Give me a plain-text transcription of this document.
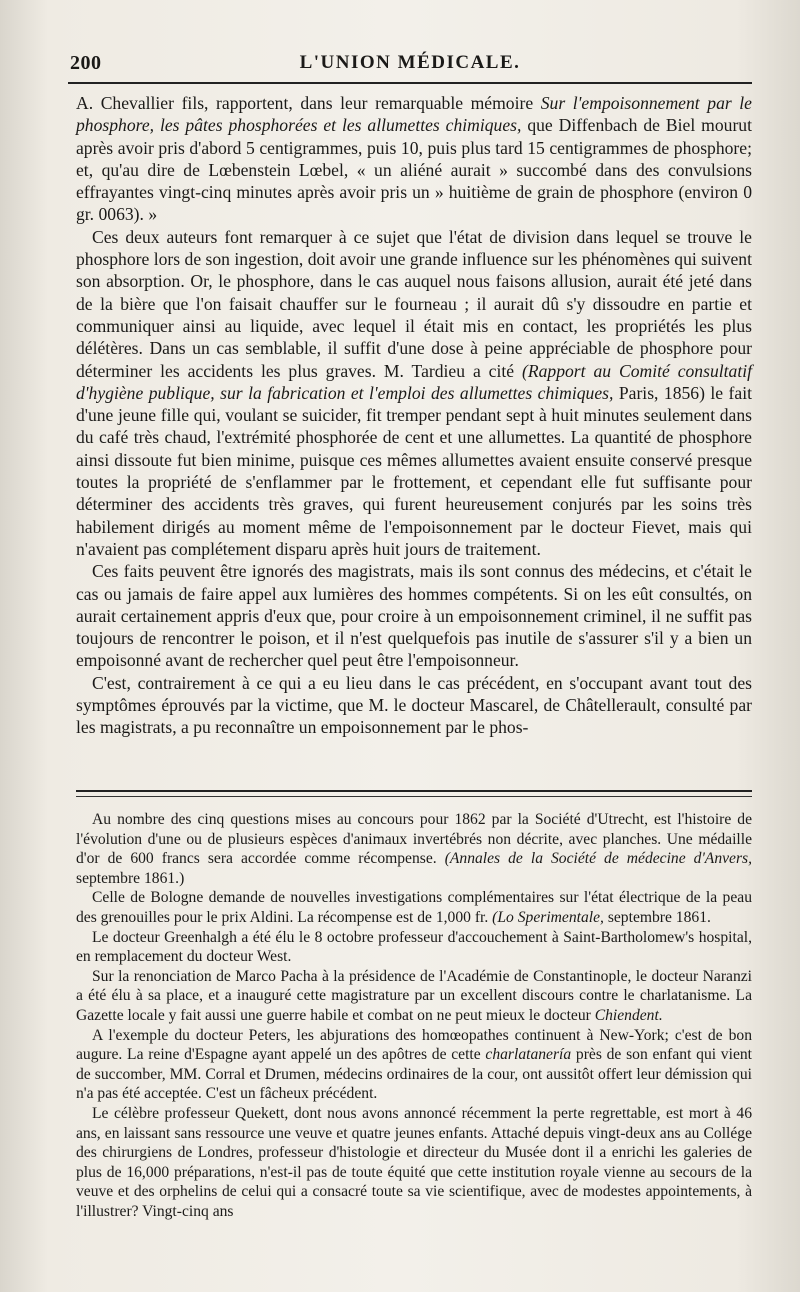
200	L'UNION MÉDICALE.

A. Chevallier fils, rapportent, dans leur remarquable mémoire Sur l'empoisonnement par le phosphore, les pâtes phosphorées et les allumettes chimiques, que Diffenbach de Biel mourut après avoir pris d'abord 5 centigrammes, puis 10, puis plus tard 15 centigrammes de phosphore; et, qu'au dire de Lœbenstein Lœbel, « un aliéné aurait » succombé dans des convulsions effrayantes vingt-cinq minutes après avoir pris un » huitième de grain de phosphore (environ 0 gr. 0063). »

Ces deux auteurs font remarquer à ce sujet que l'état de division dans lequel se trouve le phosphore lors de son ingestion, doit avoir une grande influence sur les phénomènes qui suivent son absorption. Or, le phosphore, dans le cas auquel nous faisons allusion, aurait été jeté dans de la bière que l'on faisait chauffer sur le fourneau ; il aurait dû s'y dissoudre en partie et communiquer ainsi au liquide, avec lequel il était mis en contact, les propriétés les plus délétères. Dans un cas semblable, il suffit d'une dose à peine appréciable de phosphore pour déterminer les accidents les plus graves. M. Tardieu a cité (Rapport au Comité consultatif d'hygiène publique, sur la fabrication et l'emploi des allumettes chimiques, Paris, 1856) le fait d'une jeune fille qui, voulant se suicider, fit tremper pendant sept à huit minutes seulement dans du café très chaud, l'extrémité phosphorée de cent et une allumettes. La quantité de phosphore ainsi dissoute fut bien minime, puisque ces mêmes allumettes avaient ensuite conservé presque toutes la propriété de s'enflammer par le frottement, et cependant elle fut suffisante pour déterminer des accidents très graves, qui furent heureusement conjurés par les soins très habilement dirigés au moment même de l'empoisonnement par le docteur Fievet, mais qui n'avaient pas complétement disparu après huit jours de traitement.

Ces faits peuvent être ignorés des magistrats, mais ils sont connus des médecins, et c'était le cas ou jamais de faire appel aux lumières des hommes compétents. Si on les eût consultés, on aurait certainement appris d'eux que, pour croire à un empoisonnement criminel, il ne suffit pas toujours de rencontrer le poison, et il n'est quelquefois pas inutile de s'assurer s'il y a bien un empoisonné avant de rechercher quel peut être l'empoisonneur.

C'est, contrairement à ce qui a eu lieu dans le cas précédent, en s'occupant avant tout des symptômes éprouvés par la victime, que M. le docteur Mascarel, de Châtellerault, consulté par les magistrats, a pu reconnaître un empoisonnement par le phos-

Au nombre des cinq questions mises au concours pour 1862 par la Société d'Utrecht, est l'histoire de l'évolution d'une ou de plusieurs espèces d'animaux invertébrés non décrite, avec planches. Une médaille d'or de 600 francs sera accordée comme récompense. (Annales de la Société de médecine d'Anvers, septembre 1861.)

Celle de Bologne demande de nouvelles investigations complémentaires sur l'état électrique de la peau des grenouilles pour le prix Aldini. La récompense est de 1,000 fr. (Lo Sperimentale, septembre 1861.

Le docteur Greenhalgh a été élu le 8 octobre professeur d'accouchement à Saint-Bartholomew's hospital, en remplacement du docteur West.

Sur la renonciation de Marco Pacha à la présidence de l'Académie de Constantinople, le docteur Naranzi a été élu à sa place, et a inauguré cette magistrature par un excellent discours contre le charlatanisme. La Gazette locale y fait aussi une guerre habile et combat on ne peut mieux le docteur Chiendent.

A l'exemple du docteur Peters, les abjurations des homœopathes continuent à New-York; c'est de bon augure. La reine d'Espagne ayant appelé un des apôtres de cette charlatanería près de son enfant qui vient de succomber, MM. Corral et Drumen, médecins ordinaires de la cour, ont aussitôt offert leur démission qui n'a pas été acceptée. C'est un fâcheux précédent.

Le célèbre professeur Quekett, dont nous avons annoncé récemment la perte regrettable, est mort à 46 ans, en laissant sans ressource une veuve et quatre jeunes enfants. Attaché depuis vingt-deux ans au Collége des chirurgiens de Londres, professeur d'histologie et directeur du Musée dont il a enrichi les galeries de plus de 16,000 préparations, n'est-il pas de toute équité que cette institution royale vienne au secours de la veuve et des orphelins de celui qui a consacré toute sa vie scientifique, avec de modestes appointements, à l'illustrer? Vingt-cinq ans
